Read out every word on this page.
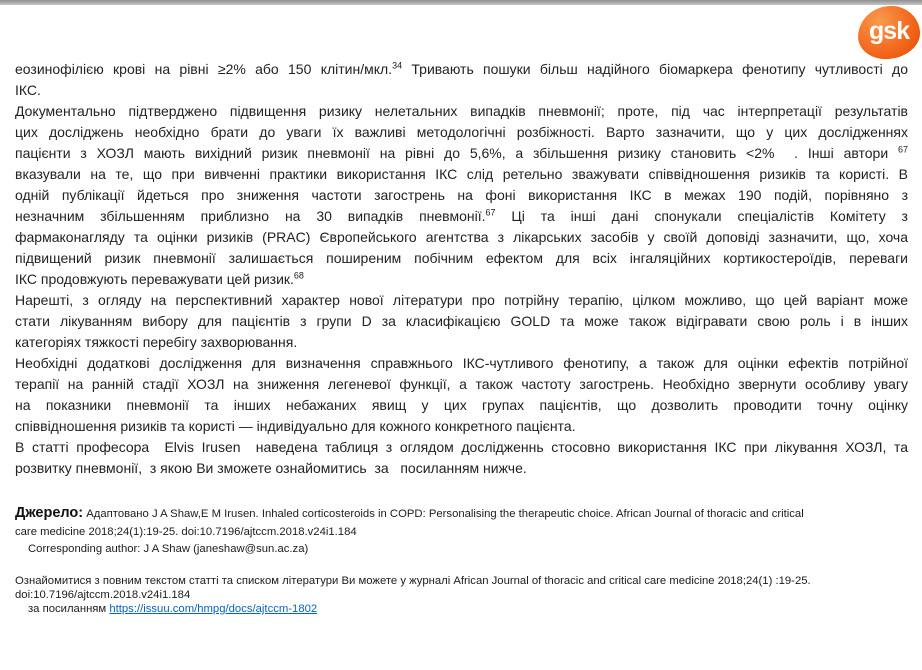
gsk
еозинофілією крові на рівні ≥2% або 150 клітин/мкл.$^{34}$ Тривають пошуки більш надійного біомаркера фенотипу чутливості до
ІКС.
Документально підтверджено підвищення ризику нелетальних випадків пневмонії; проте, під час інтерпретації результатів
цих досліджень необхідно брати до уваги їх важливі методологічні розбіжності. Варто зазначити, що у цих дослідженнях
пацієнти з ХОЗЛ мають вихідний ризик пневмонії на рівні до 5,6%, а збільшення ризику становить <2%  . Інші автори $^{67}$
вказували на те, що при вивченні практики використання ІКС слід ретельно зважувати співвідношення ризиків та користі. В
одній публікації йдеться про зниження частоти загострень на фоні використання ІКС в межах 190 подій, порівняно з
незначним збільшенням приблизно на 30 випадків пневмонії.$^{67}$ Ці та інші дані спонукали спеціалістів Комітету з
фармаконагляду та оцінки ризиків (PRAC) Європейського агентства з лікарських засобів у своїй доповіді зазначити, що, хоча
підвищений ризик пневмонії залишається поширеним побічним ефектом для всіх інгаляційних кортикостероїдів, переваги
ІКС продовжують переважувати цей ризик.$^{68}$
Нарешті, з огляду на перспективний характер нової літератури про потрійну терапію, цілком можливо, що цей варіант може
стати лікуванням вибору для пацієнтів з групи D за класифікацією GOLD та може також відігравати свою роль і в інших
категоріях тяжкості перебігу захворювання.
Необхідні додаткові дослідження для визначення справжнього ІКС-чутливого фенотипу, а також для оцінки ефектів потрійної
терапії на ранній стадії ХОЗЛ на зниження легеневої функції, а також частоту загострень. Необхідно звернути особливу увагу
на показники пневмонії та інших небажаних явищ у цих групах пацієнтів, що дозволить проводити точну оцінку
співвідношення ризиків та користі — індивідуально для кожного конкретного пацієнта.
В статті професора  Elvis Irusen  наведена таблиця з оглядом дослідженнь стосовно використання ІКС при лікування ХОЗЛ, та
розвитку пневмонії,  з якою Ви зможете ознайомитись  за   посиланням нижче.
Джерело: Адаптовано J A Shaw,E M Irusen. Inhaled corticosteroids in COPD: Personalising the therapeutic choice. African Journal of thoracic and critical
care medicine 2018;24(1):19-25. doi:10.7196/ajtccm.2018.v24i1.184
Corresponding author: J A Shaw (janeshaw@sun.ac.za)
Ознайомитися з повним текстом статті та списком літератури Ви можете у журналі African Journal of thoracic and critical care medicine 2018;24(1) :19-25.
doi:10.7196/ajtccm.2018.v24i1.184
за посиланням https://issuu.com/hmpg/docs/ajtccm-1802
